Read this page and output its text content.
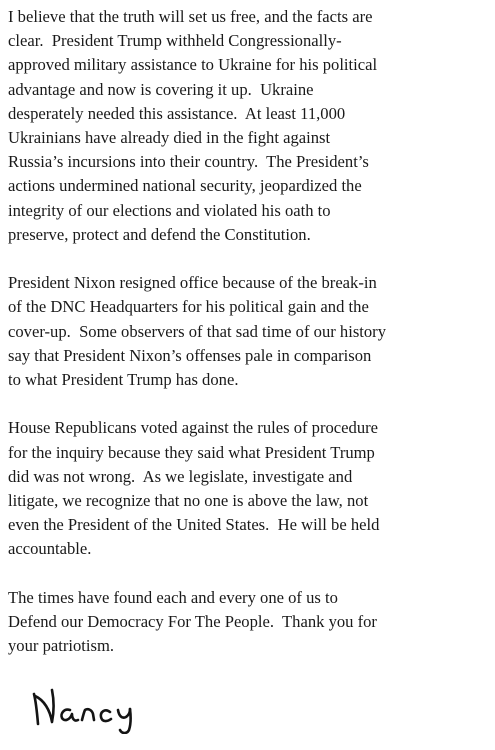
I believe that the truth will set us free, and the facts are
clear.  President Trump withheld Congressionally-
approved military assistance to Ukraine for his political
advantage and now is covering it up.  Ukraine
desperately needed this assistance.  At least 11,000
Ukrainians have already died in the fight against
Russia’s incursions into their country.  The President’s
actions undermined national security, jeopardized the
integrity of our elections and violated his oath to
preserve, protect and defend the Constitution.
President Nixon resigned office because of the break-in
of the DNC Headquarters for his political gain and the
cover-up.  Some observers of that sad time of our history
say that President Nixon’s offenses pale in comparison
to what President Trump has done.
House Republicans voted against the rules of procedure
for the inquiry because they said what President Trump
did was not wrong.  As we legislate, investigate and
litigate, we recognize that no one is above the law, not
even the President of the United States.  He will be held
accountable.
The times have found each and every one of us to
Defend our Democracy For The People.  Thank you for
your patriotism.
